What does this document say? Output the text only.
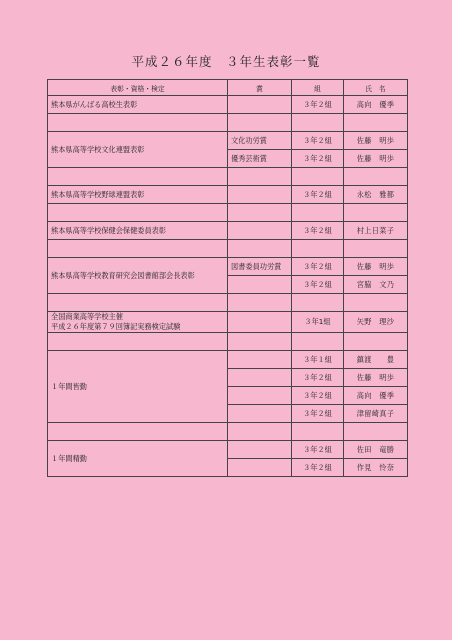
平成２６年度　３年生表彰一覧
表彰・資格・検定	賞	組	氏　名

熊本県がんばる高校生表彰		３年２組	高向　優季

熊本県高等学校文化連盟表彰	文化功労賞	３年２組	佐藤　明歩
	優秀芸術賞	３年２組	佐藤　明歩

熊本県高等学校野球連盟表彰		３年２組	永松　雅都

熊本県高等学校保健会保健委員表彰		３年２組	村上日菜子

熊本県高等学校教育研究会図書館部会長表彰	図書委員功労賞	３年２組	佐藤　明歩
		３年２組	宮脇　文乃

全国商業高等学校主催
平成２６年度第７９回簿記実務検定試験		３年1組	矢野　理沙

１年間皆勤		３年１組	鎮渡　　豊
		３年２組	佐藤　明歩
		３年２組	高向　優季
		３年２組	津留崎真子

１年間精勤		３年２組	佐田　竜勝
		３年２組	作見　怜奈
